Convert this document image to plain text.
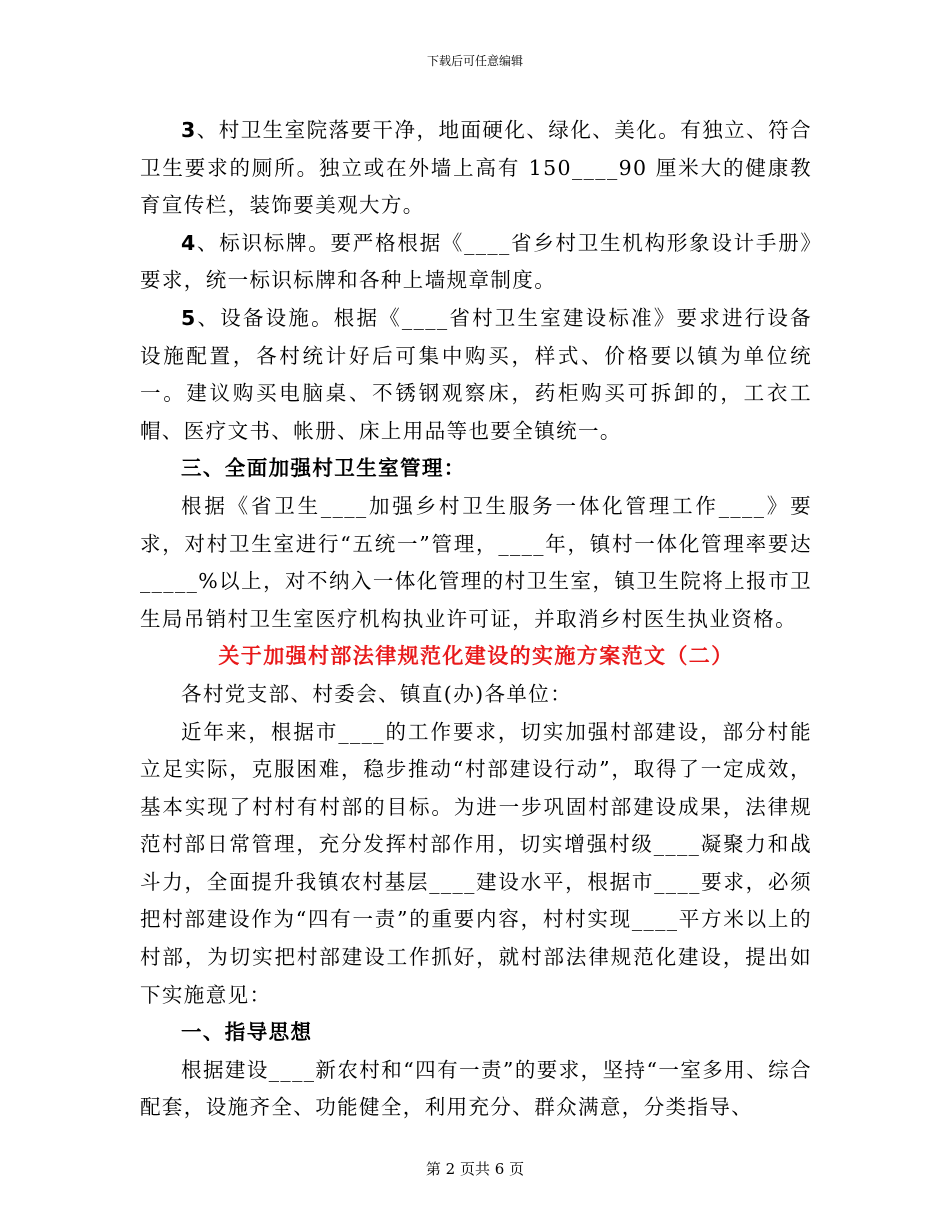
下载后可任意编辑

3、村卫生室院落要干净，地面硬化、绿化、美化。有独立、符合卫生要求的厕所。独立或在外墙上高有 150____90 厘米大的健康教育宣传栏，装饰要美观大方。

4、标识标牌。要严格根据《____省乡村卫生机构形象设计手册》要求，统一标识标牌和各种上墙规章制度。

5、设备设施。根据《____省村卫生室建设标准》要求进行设备设施配置，各村统计好后可集中购买，样式、价格要以镇为单位统一。建议购买电脑桌、不锈钢观察床，药柜购买可拆卸的，工衣工帽、医疗文书、帐册、床上用品等也要全镇统一。

三、全面加强村卫生室管理：

根据《省卫生____加强乡村卫生服务一体化管理工作____》要求，对村卫生室进行“五统一”管理，____年，镇村一体化管理率要达_____%以上，对不纳入一体化管理的村卫生室，镇卫生院将上报市卫生局吊销村卫生室医疗机构执业许可证，并取消乡村医生执业资格。

关于加强村部法律规范化建设的实施方案范文（二）

各村党支部、村委会、镇直(办)各单位：

近年来，根据市____的工作要求，切实加强村部建设，部分村能立足实际，克服困难，稳步推动“村部建设行动”，取得了一定成效，基本实现了村村有村部的目标。为进一步巩固村部建设成果，法律规范村部日常管理，充分发挥村部作用，切实增强村级____凝聚力和战斗力，全面提升我镇农村基层____建设水平，根据市____要求，必须把村部建设作为“四有一责”的重要内容，村村实现____平方米以上的村部，为切实把村部建设工作抓好，就村部法律规范化建设，提出如下实施意见：

一、指导思想

根据建设____新农村和“四有一责”的要求，坚持“一室多用、综合配套，设施齐全、功能健全，利用充分、群众满意，分类指导、

第 2 页共 6 页
